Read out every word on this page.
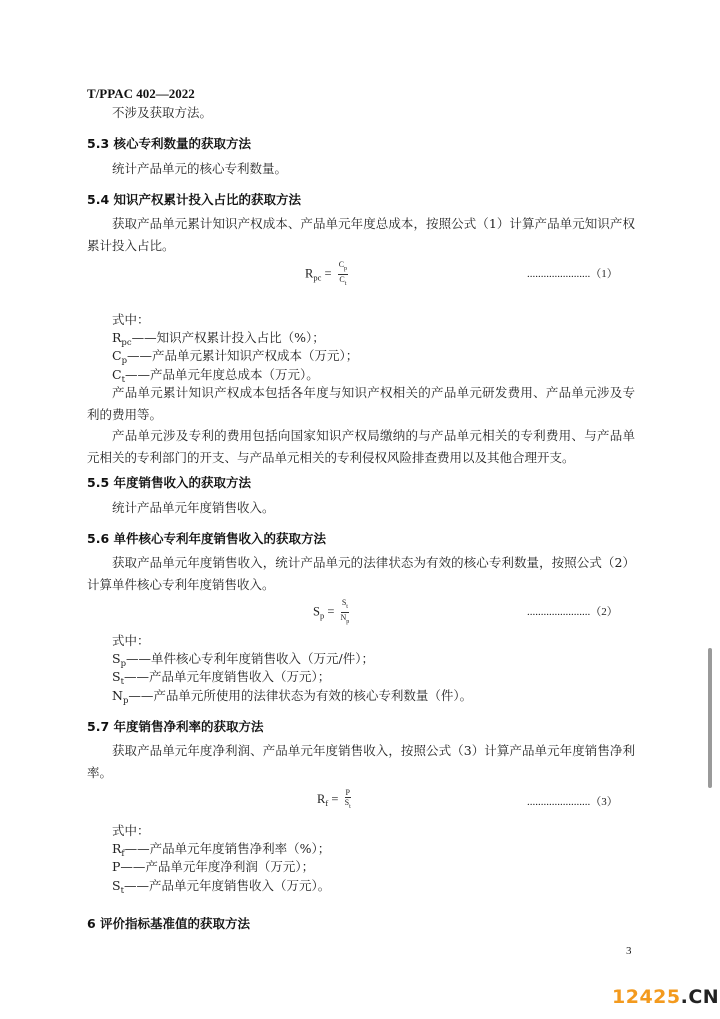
T/PPAC 402—2022
不涉及获取方法。
5.3 核心专利数量的获取方法
统计产品单元的核心专利数量。
5.4 知识产权累计投入占比的获取方法
获取产品单元累计知识产权成本、产品单元年度总成本，按照公式（1）计算产品单元知识产权累计投入占比。
$R_{pc} = \frac{C_p}{C_t}$	.......................（1）
式中：
$R_{pc}——$知识产权累计投入占比（%）；
$C_p——$产品单元累计知识产权成本（万元）；
$C_t——$产品单元年度总成本（万元）。
产品单元累计知识产权成本包括各年度与知识产权相关的产品单元研发费用、产品单元涉及专利的费用等。
产品单元涉及专利的费用包括向国家知识产权局缴纳的与产品单元相关的专利费用、与产品单元相关的专利部门的开支、与产品单元相关的专利侵权风险排查费用以及其他合理开支。
5.5 年度销售收入的获取方法
统计产品单元年度销售收入。
5.6 单件核心专利年度销售收入的获取方法
获取产品单元年度销售收入，统计产品单元的法律状态为有效的核心专利数量，按照公式（2）计算单件核心专利年度销售收入。
$S_p = \frac{S_t}{N_p}$	.......................（2）
式中：
$S_p——$单件核心专利年度销售收入（万元/件）；
$S_t——$产品单元年度销售收入（万元）；
$N_p——$产品单元所使用的法律状态为有效的核心专利数量（件）。
5.7 年度销售净利率的获取方法
获取产品单元年度净利润、产品单元年度销售收入，按照公式（3）计算产品单元年度销售净利率。
$R_f = \frac{P}{S_t}$	.......................（3）
式中：
$R_f——$产品单元年度销售净利率（%）；
P——产品单元年度净利润（万元）；
$S_t——$产品单元年度销售收入（万元）。
6 评价指标基准值的获取方法
3
12425.CN
